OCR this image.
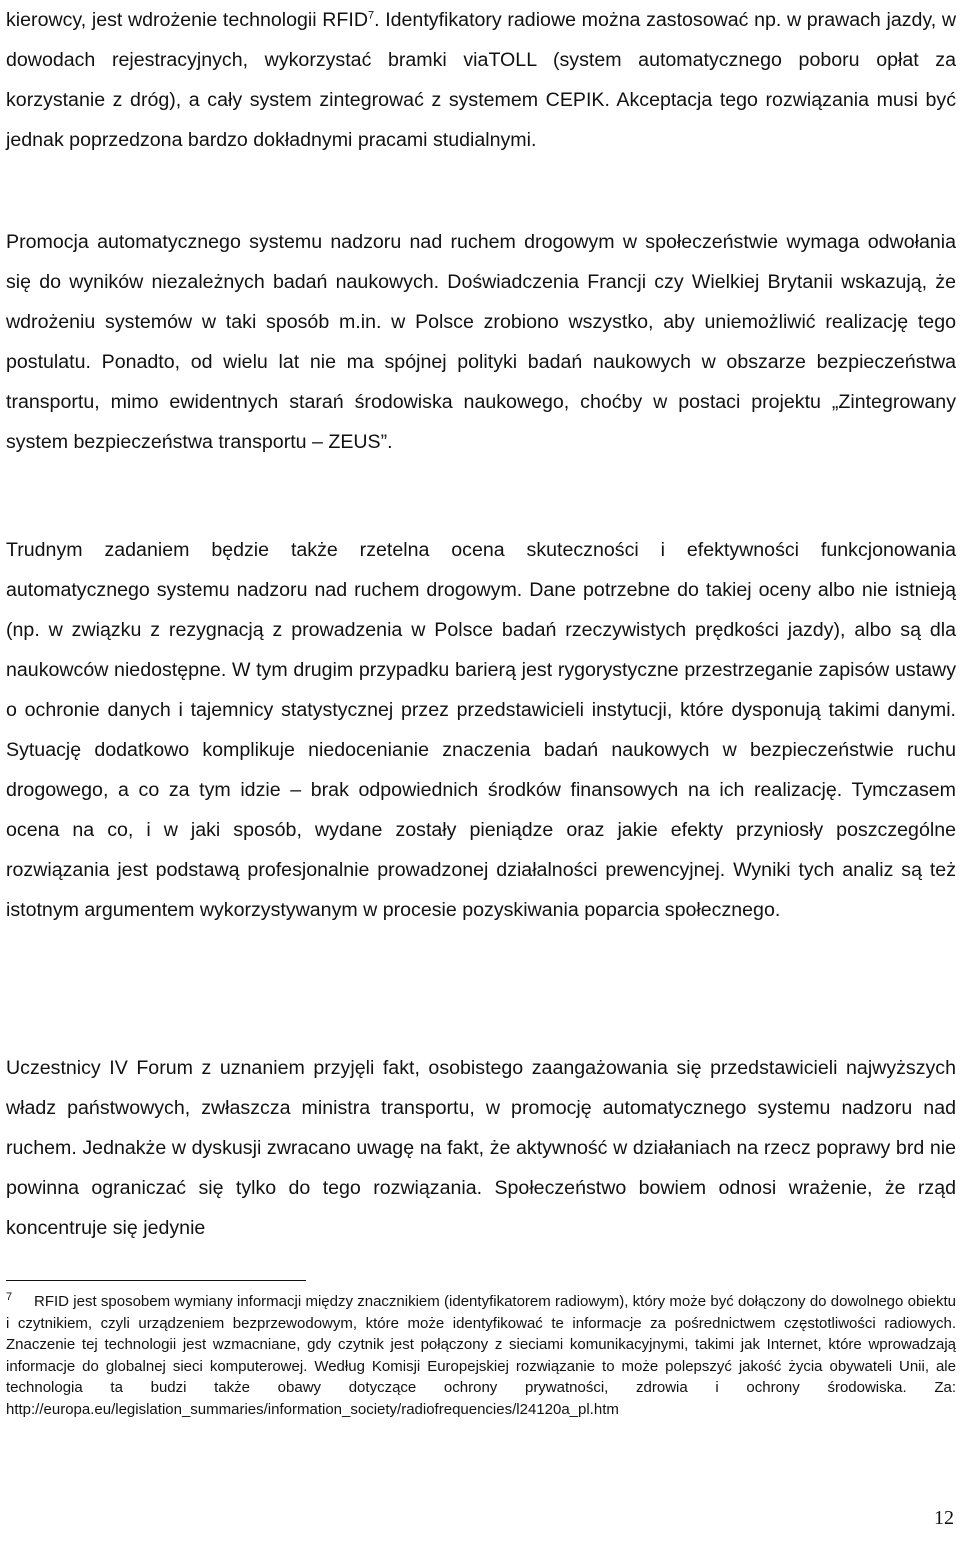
kierowcy, jest wdrożenie technologii RFID$^7$. Identyfikatory radiowe można zastosować np. w prawach jazdy, w dowodach rejestracyjnych, wykorzystać bramki viaTOLL (system automatycznego poboru opłat za korzystanie z dróg), a cały system zintegrować z systemem CEPIK. Akceptacja tego rozwiązania musi być jednak poprzedzona bardzo dokładnymi pracami studialnymi.

Promocja automatycznego systemu nadzoru nad ruchem drogowym w społeczeństwie wymaga odwołania się do wyników niezależnych badań naukowych. Doświadczenia Francji czy Wielkiej Brytanii wskazują, że wdrożeniu systemów w taki sposób m.in. w Polsce zrobiono wszystko, aby uniemożliwić realizację tego postulatu. Ponadto, od wielu lat nie ma spójnej polityki badań naukowych w obszarze bezpieczeństwa transportu, mimo ewidentnych starań środowiska naukowego, choćby w postaci projektu „Zintegrowany system bezpieczeństwa transportu – ZEUS”.

Trudnym zadaniem będzie także rzetelna ocena skuteczności i efektywności funkcjonowania automatycznego systemu nadzoru nad ruchem drogowym. Dane potrzebne do takiej oceny albo nie istnieją (np. w związku z rezygnacją z prowadzenia w Polsce badań rzeczywistych prędkości jazdy), albo są dla naukowców niedostępne. W tym drugim przypadku barierą jest rygorystyczne przestrzeganie zapisów ustawy o ochronie danych i tajemnicy statystycznej przez przedstawicieli instytucji, które dysponują takimi danymi. Sytuację dodatkowo komplikuje niedocenianie znaczenia badań naukowych w bezpieczeństwie ruchu drogowego, a co za tym idzie – brak odpowiednich środków finansowych na ich realizację. Tymczasem ocena na co, i w jaki sposób, wydane zostały pieniądze oraz jakie efekty przyniosły poszczególne rozwiązania jest podstawą profesjonalnie prowadzonej działalności prewencyjnej. Wyniki tych analiz są też istotnym argumentem wykorzystywanym w procesie pozyskiwania poparcia społecznego.

Uczestnicy IV Forum z uznaniem przyjęli fakt, osobistego zaangażowania się przedstawicieli najwyższych władz państwowych, zwłaszcza ministra transportu, w promocję automatycznego systemu nadzoru nad ruchem. Jednakże w dyskusji zwracano uwagę na fakt, że aktywność w działaniach na rzecz poprawy brd nie powinna ograniczać się tylko do tego rozwiązania. Społeczeństwo bowiem odnosi wrażenie, że rząd koncentruje się jedynie

$^7$ RFID jest sposobem wymiany informacji między znacznikiem (identyfikatorem radiowym), który może być dołączony do dowolnego obiektu i czytnikiem, czyli urządzeniem bezprzewodowym, które może identyfikować te informacje za pośrednictwem częstotliwości radiowych. Znaczenie tej technologii jest wzmacniane, gdy czytnik jest połączony z sieciami komunikacyjnymi, takimi jak Internet, które wprowadzają informacje do globalnej sieci komputerowej. Według Komisji Europejskiej rozwiązanie to może polepszyć jakość życia obywateli Unii, ale technologia ta budzi także obawy dotyczące ochrony prywatności, zdrowia i ochrony środowiska. Za: http://europa.eu/legislation_summaries/information_society/radiofrequencies/l24120a_pl.htm

12
